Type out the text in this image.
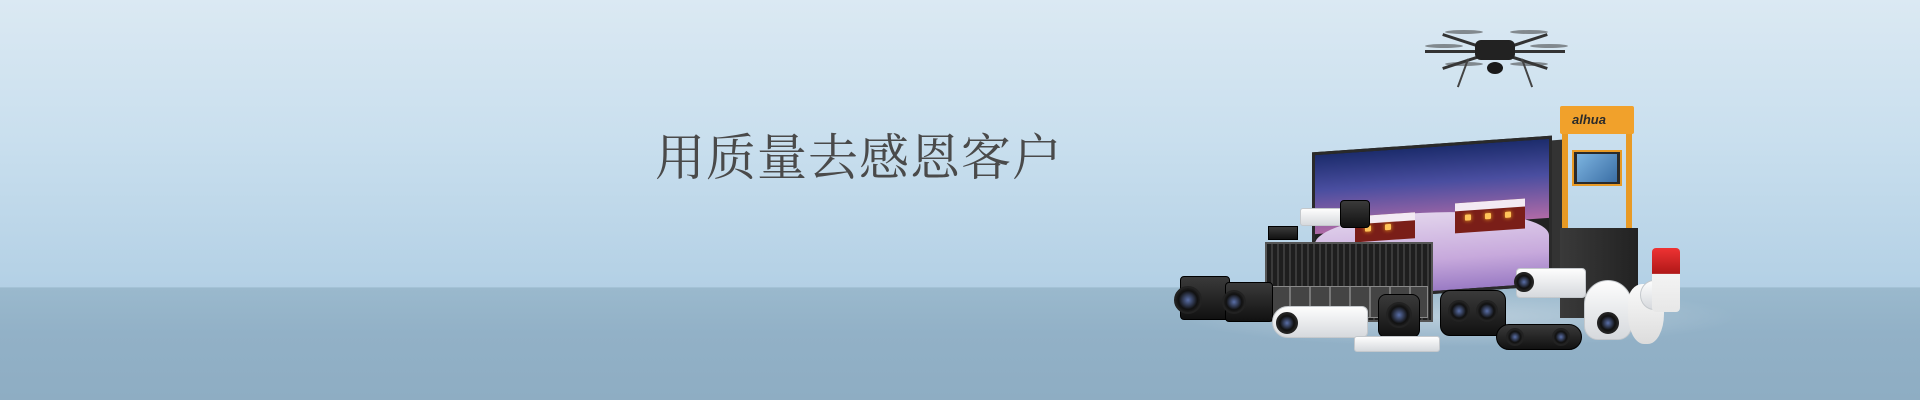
用质量去感恩客户
alhua
